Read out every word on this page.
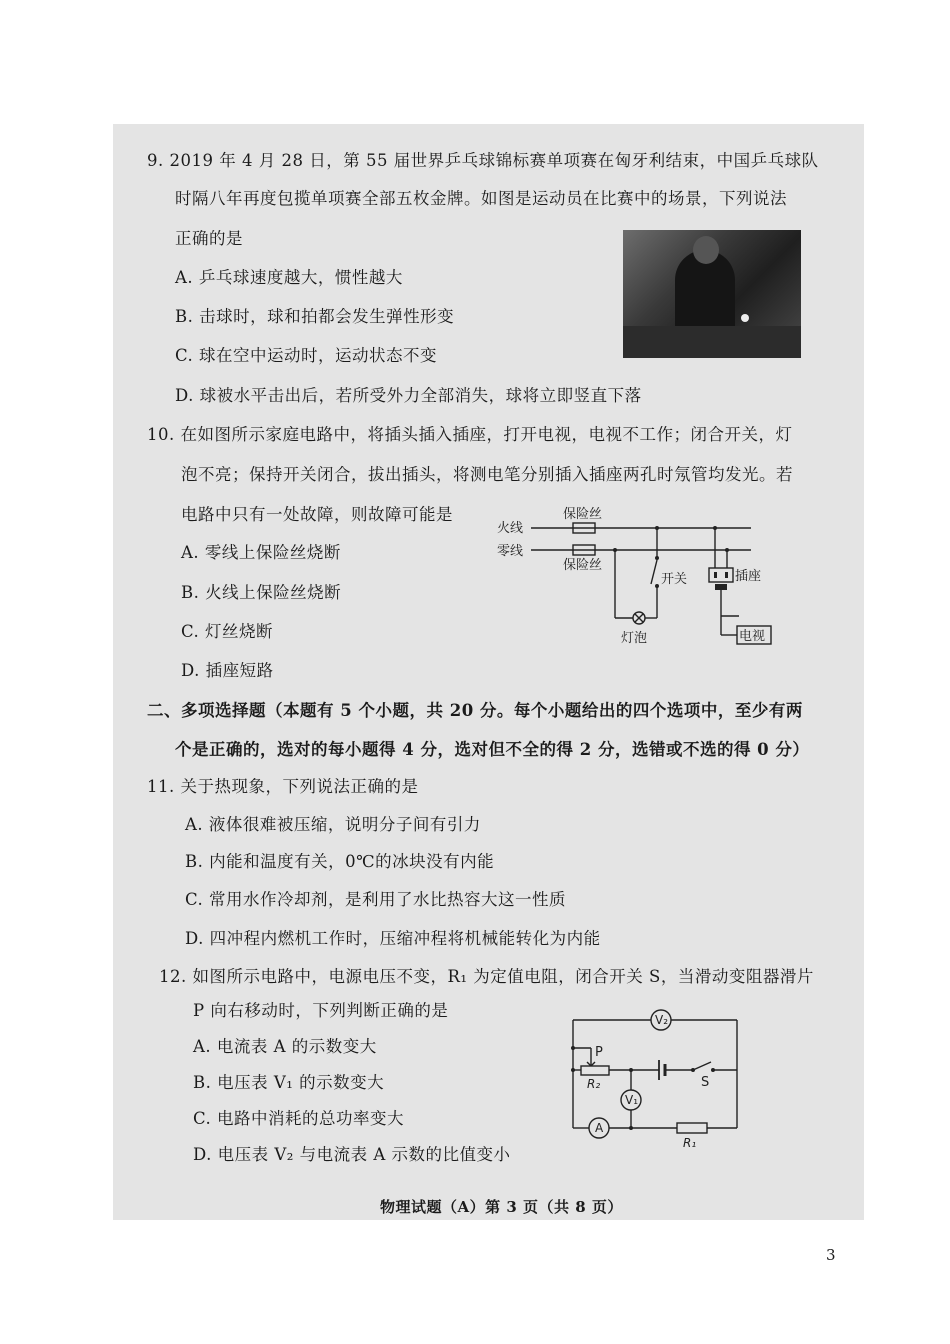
9. 2019 年 4 月 28 日，第 55 届世界乒乓球锦标赛单项赛在匈牙利结束，中国乒乓球队
时隔八年再度包揽单项赛全部五枚金牌。如图是运动员在比赛中的场景，下列说法
正确的是
A. 乒乓球速度越大，惯性越大
B. 击球时，球和拍都会发生弹性形变
C. 球在空中运动时，运动状态不变
D. 球被水平击出后，若所受外力全部消失，球将立即竖直下落
10. 在如图所示家庭电路中，将插头插入插座，打开电视，电视不工作；闭合开关，灯
泡不亮；保持开关闭合，拔出插头，将测电笔分别插入插座两孔时氖管均发光。若
电路中只有一处故障，则故障可能是
A. 零线上保险丝烧断
B. 火线上保险丝烧断
C. 灯丝烧断
D. 插座短路
火线
零线
保险丝
保险丝
开关	插座
灯泡	电视
二、多项选择题（本题有 5 个小题，共 20 分。每个小题给出的四个选项中，至少有两
个是正确的，选对的每小题得 4 分，选对但不全的得 2 分，选错或不选的得 0 分）
11. 关于热现象，下列说法正确的是
A. 液体很难被压缩，说明分子间有引力
B. 内能和温度有关，0℃的冰块没有内能
C. 常用水作冷却剂，是利用了水比热容大这一性质
D. 四冲程内燃机工作时，压缩冲程将机械能转化为内能
12. 如图所示电路中，电源电压不变，R₁ 为定值电阻，闭合开关 S，当滑动变阻器滑片
P 向右移动时，下列判断正确的是
A. 电流表 A 的示数变大
B. 电压表 V₁ 的示数变大
C. 电路中消耗的总功率变大
D. 电压表 V₂ 与电流表 A 示数的比值变小
V₂
V₁
A
P
R₂
R₁
S
物理试题（A）第 3 页（共 8 页）
3
